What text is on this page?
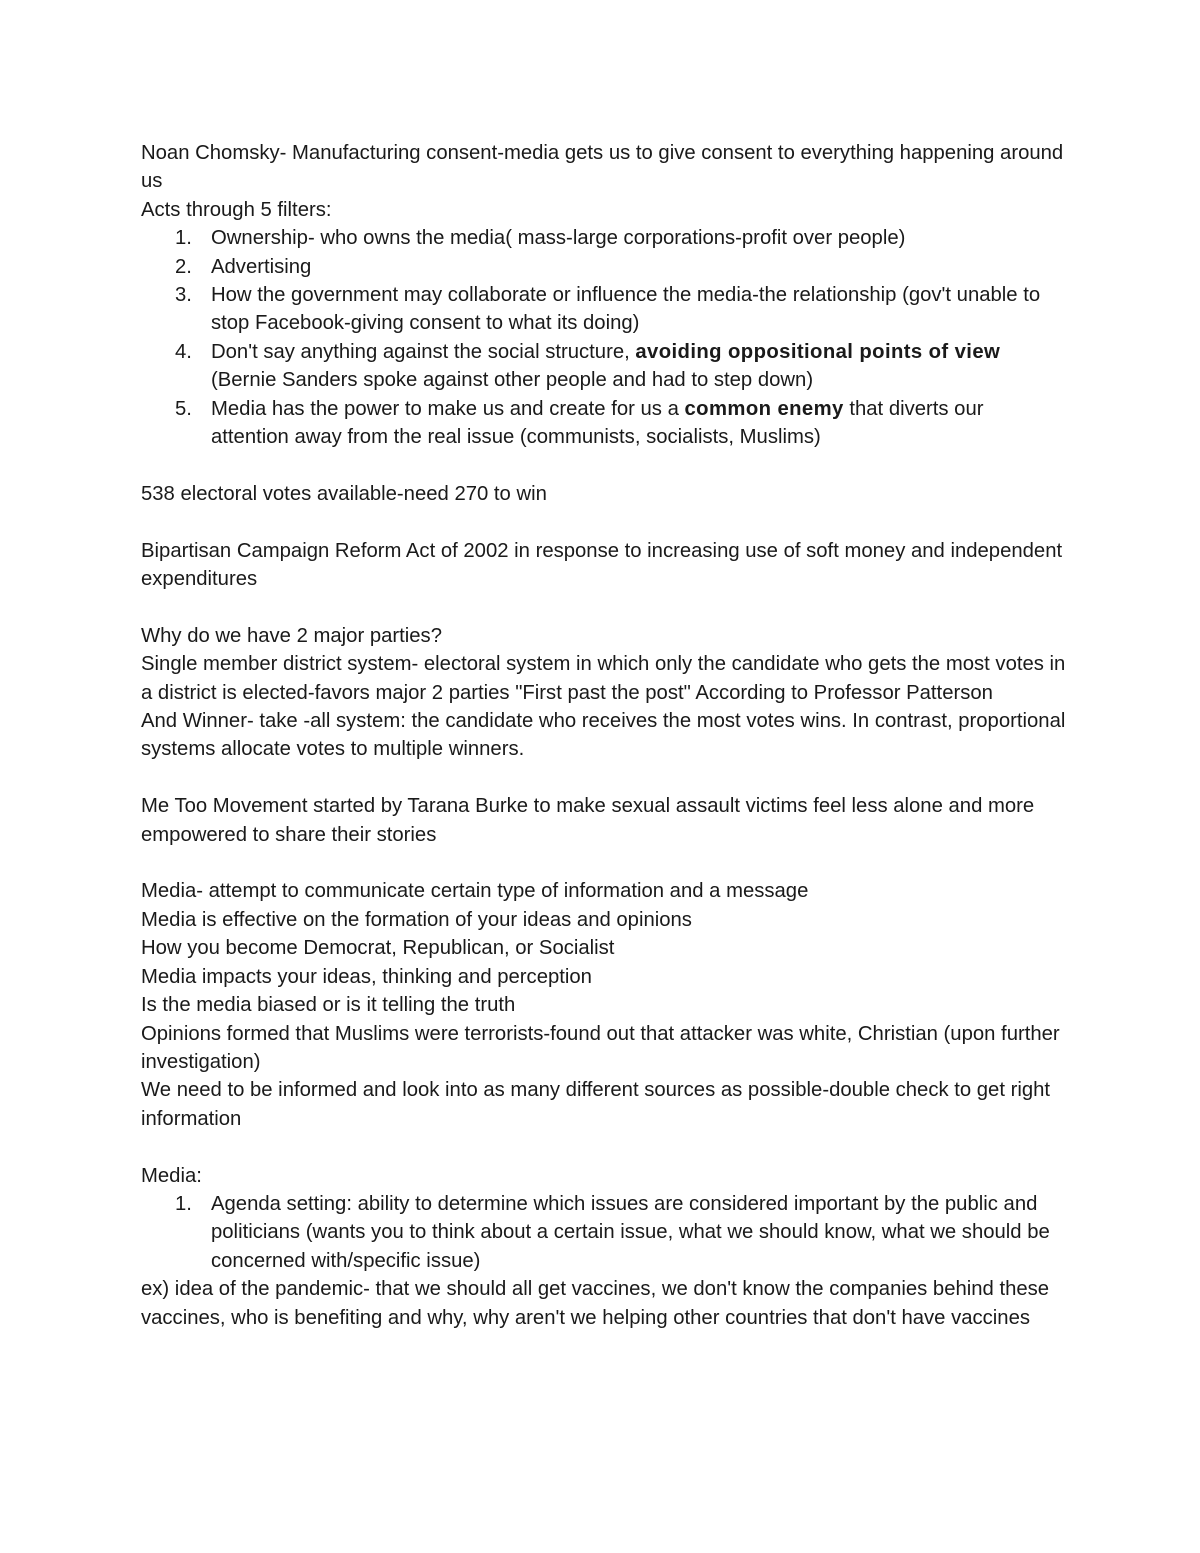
Noan Chomsky- Manufacturing consent-media gets us to give consent to everything happening around us

Acts through 5 filters:

1. Ownership- who owns the media( mass-large corporations-profit over people)
2. Advertising
3. How the government may collaborate or influence the media-the relationship (gov't unable to stop Facebook-giving consent to what its doing)
4. Don't say anything against the social structure, avoiding oppositional points of view (Bernie Sanders spoke against other people and had to step down)
5. Media has the power to make us and create for us a common enemy that diverts our attention away from the real issue (communists, socialists, Muslims)

538 electoral votes available-need 270 to win

Bipartisan Campaign Reform Act of 2002 in response to increasing use of soft money and independent expenditures

Why do we have 2 major parties?

Single member district system- electoral system in which only the candidate who gets the most votes in a district is elected-favors major 2 parties "First past the post" According to Professor Patterson

And Winner- take -all system: the candidate who receives the most votes wins. In contrast, proportional systems allocate votes to multiple winners.

Me Too Movement started by Tarana Burke to make sexual assault victims feel less alone and more empowered to share their stories

Media- attempt to communicate certain type of information and a message

Media is effective on the formation of your ideas and opinions

How you become Democrat, Republican, or Socialist

Media impacts your ideas, thinking and perception

Is the media biased or is it telling the truth

Opinions formed that Muslims were terrorists-found out that attacker was white, Christian (upon further investigation)

We need to be informed and look into as many different sources as possible-double check to get right information

Media:

1. Agenda setting: ability to determine which issues are considered important by the public and politicians (wants you to think about a certain issue, what we should know, what we should be concerned with/specific issue)

ex) idea of the pandemic- that we should all get vaccines, we don't know the companies behind these vaccines, who is benefiting and why, why aren't we helping other countries that don't have vaccines
